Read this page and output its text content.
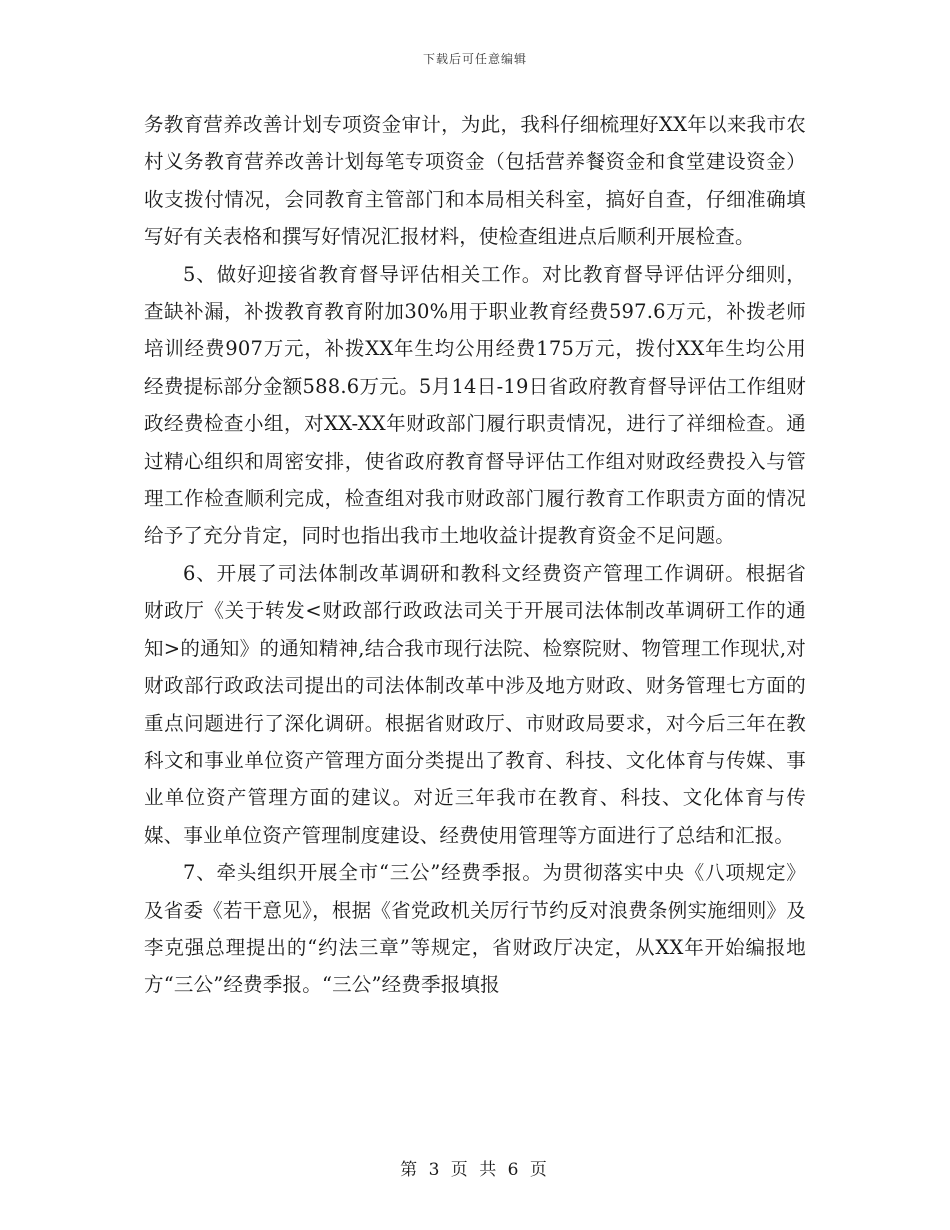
下载后可任意编辑

务教育营养改善计划专项资金审计，为此，我科仔细梳理好XX年以来我市农村义务教育营养改善计划每笔专项资金（包括营养餐资金和食堂建设资金）收支拨付情况，会同教育主管部门和本局相关科室，搞好自查，仔细准确填写好有关表格和撰写好情况汇报材料，使检查组进点后顺利开展检查。

5、做好迎接省教育督导评估相关工作。对比教育督导评估评分细则，查缺补漏，补拨教育教育附加30%用于职业教育经费597.6万元，补拨老师培训经费907万元，补拨XX年生均公用经费175万元，拨付XX年生均公用经费提标部分金额588.6万元。5月14日-19日省政府教育督导评估工作组财政经费检查小组，对XX-XX年财政部门履行职责情况，进行了祥细检查。通过精心组织和周密安排，使省政府教育督导评估工作组对财政经费投入与管理工作检查顺利完成，检查组对我市财政部门履行教育工作职责方面的情况给予了充分肯定，同时也指出我市土地收益计提教育资金不足问题。

6、开展了司法体制改革调研和教科文经费资产管理工作调研。根据省财政厅《关于转发<财政部行政政法司关于开展司法体制改革调研工作的通知>的通知》的通知精神,结合我市现行法院、检察院财、物管理工作现状,对财政部行政政法司提出的司法体制改革中涉及地方财政、财务管理七方面的重点问题进行了深化调研。根据省财政厅、市财政局要求，对今后三年在教科文和事业单位资产管理方面分类提出了教育、科技、文化体育与传媒、事业单位资产管理方面的建议。对近三年我市在教育、科技、文化体育与传媒、事业单位资产管理制度建设、经费使用管理等方面进行了总结和汇报。

7、牵头组织开展全市“三公”经费季报。为贯彻落实中央《八项规定》及省委《若干意见》，根据《省党政机关厉行节约反对浪费条例实施细则》及李克强总理提出的“约法三章”等规定，省财政厅决定，从XX年开始编报地方“三公”经费季报。“三公”经费季报填报

第 3 页 共 6 页
